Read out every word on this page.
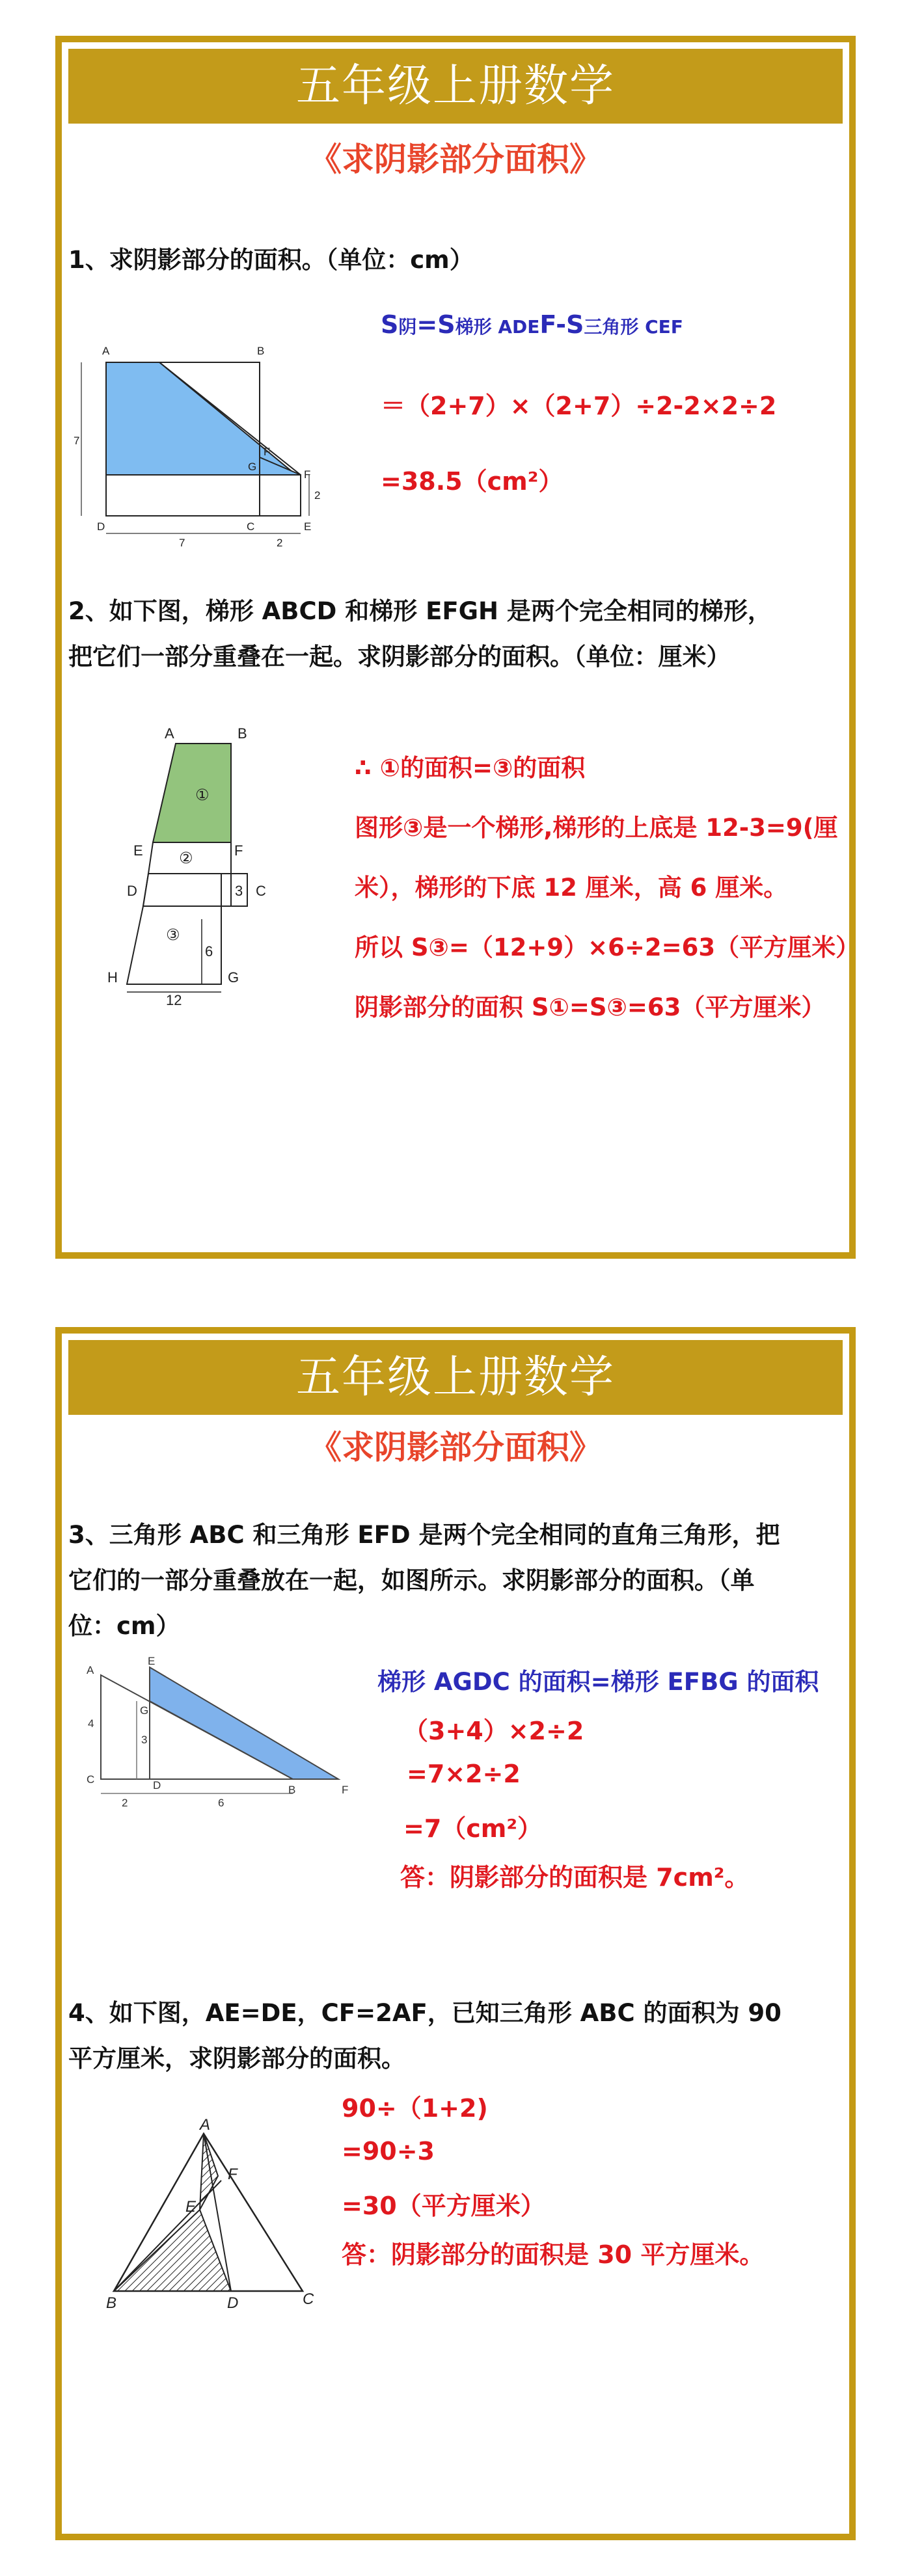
五年级上册数学
《求阴影部分面积》
1、求阴影部分的面积。（单位：cm）
A	B
C
D	E
F
F
G
7
7	2
2
S阴=S梯形 ADEF-S三角形 CEF
＝（2+7）×（2+7）÷2-2×2÷2
=38.5（cm²）
2、如下图，梯形 ABCD 和梯形 EFGH 是两个完全相同的梯形，
把它们一部分重叠在一起。求阴影部分的面积。（单位：厘米）
A	B
C
D
E	F
G
H
①
②
③
3
6
12
∴ ①的面积=③的面积
图形③是一个梯形,梯形的上底是 12-3=9(厘
米），梯形的下底 12 厘米，高 6 厘米。
所以 S③=（12+9）×6÷2=63（平方厘米）
阴影部分的面积 S①=S③=63（平方厘米）
五年级上册数学
《求阴影部分面积》
3、三角形 ABC 和三角形 EFD 是两个完全相同的直角三角形，把
它们的一部分重叠放在一起，如图所示。求阴影部分的面积。（单
位：cm）
A
B
C	D
E
F
G
4
3
2	6
梯形 AGDC 的面积=梯形 EFBG 的面积
（3+4）×2÷2
=7×2÷2
=7（cm²）
答：阴影部分的面积是 7cm²。
4、如下图，AE=DE，CF=2AF，已知三角形 ABC 的面积为 90
平方厘米，求阴影部分的面积。
A
B	C
D
E
F
90÷（1+2)
=90÷3
=30（平方厘米）
答：阴影部分的面积是 30 平方厘米。
